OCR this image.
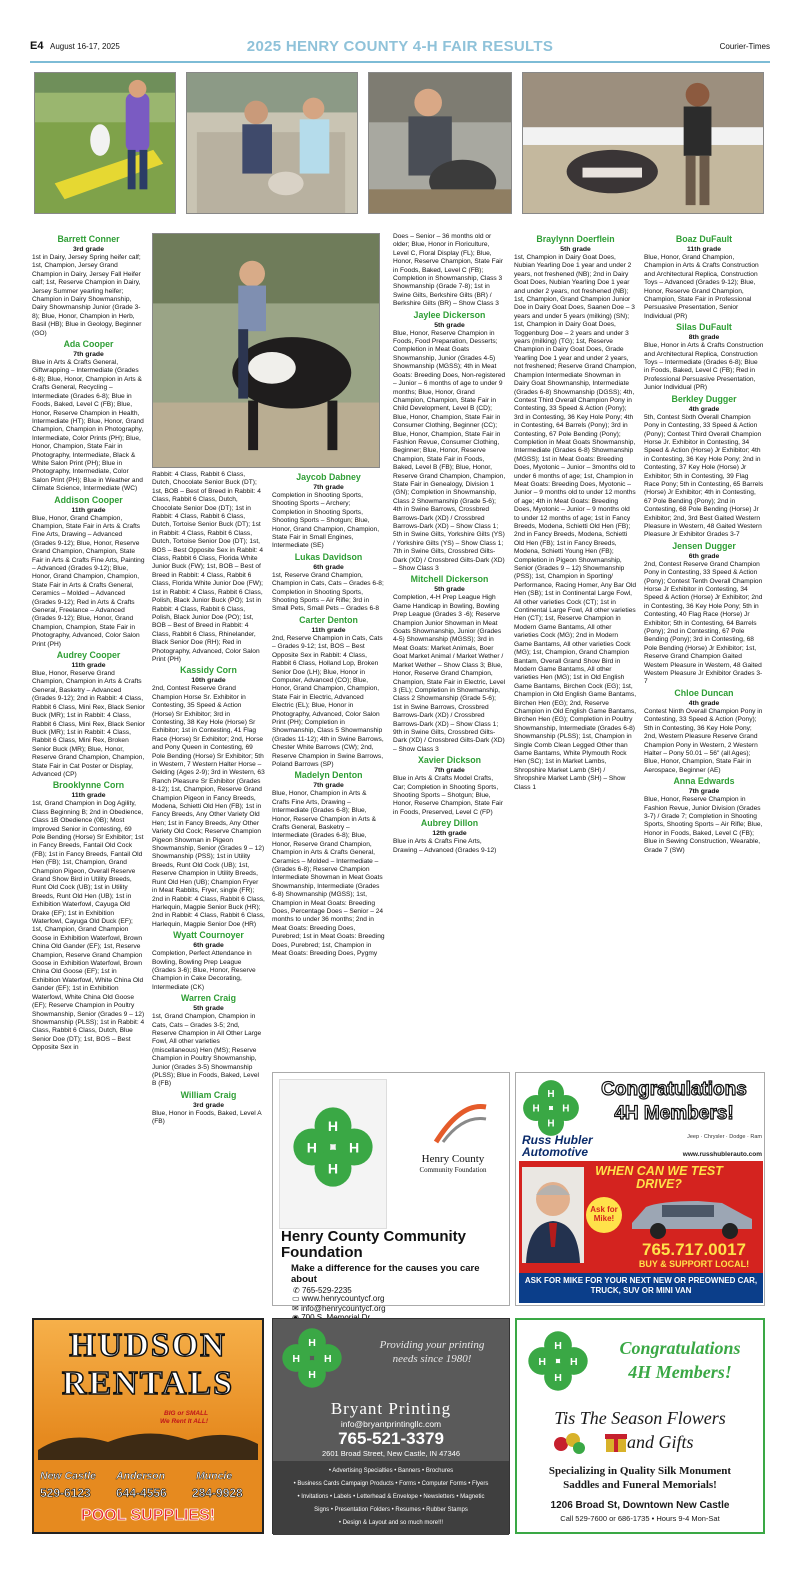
E4 August 16-17, 2025	2025 HENRY COUNTY 4-H FAIR RESULTS	Courier-Times
Barrett Conner
3rd grade

1st in Dairy, Jersey Spring heifer calf; 1st, Champion, Jersey Grand Champion in Dairy, Jersey Fall Heifer calf; 1st, Reserve Champion in Dairy, Jersey Summer yearling heifer; Champion in Dairy Showmanship, Dairy Showmanship Junior (Grade 3-8); Blue, Honor, Champion in Herb, Basil (HB); Blue in Geology, Beginner (GO)

Ada Cooper
7th grade

Blue in Arts & Crafts General, Giftwrapping – Intermediate (Grades 6-8); Blue, Honor, Champion in Arts & Crafts General, Recycling – Intermediate (Grades 6-8); Blue in Foods, Baked, Level C (FB); Blue, Honor, Reserve Champion in Health, Intermediate (HT); Blue, Honor, Grand Champion, Champion in Photography, Intermediate, Color Prints (PH); Blue, Honor, Champion, State Fair in Photography, Intermediate, Black & White Salon Print (PH); Blue in Photography, Intermediate, Color Salon Print (PH); Blue in Weather and Climate Science, Intermediate (WC)

Addison Cooper
11th grade

Blue, Honor, Grand Champion, Champion, State Fair in Arts & Crafts Fine Arts, Drawing – Advanced (Grades 9-12); Blue, Honor, Reserve Grand Champion, Champion, State Fair in Arts & Crafts Fine Arts, Painting – Advanced (Grades 9-12); Blue, Honor, Grand Champion, Champion, State Fair in Arts & Crafts General, Ceramics – Molded – Advanced (Grades 9-12); Red in Arts & Crafts General, Freelance – Advanced (Grades 9-12); Blue, Honor, Grand Champion, Champion, State Fair in Photography, Advanced, Color Salon Print (PH)

Audrey Cooper
11th grade

Blue, Honor, Reserve Grand Champion, Champion in Arts & Crafts General, Basketry – Advanced (Grades 9-12); 2nd in Rabbit: 4 Class, Rabbit 6 Class, Mini Rex, Black Senior Buck (MR); 1st in Rabbit: 4 Class, Rabbit 6 Class, Mini Rex, Black Senior Buck (MR); 1st in Rabbit: 4 Class, Rabbit 6 Class, Mini Rex, Broken Senior Buck (MR); Blue, Honor, Reserve Grand Champion, Champion, State Fair in Cat Poster or Display, Advanced (CP)

Brooklynne Corn
11th grade

1st, Grand Champion in Dog Agility, Class Beginning B; 2nd in Obedience, Class 1B Obedience (0B); Most Improved Senior in Contesting, 69 Pole Bending (Horse) Sr Exhibitor; 1st in Fancy Breeds, Fantail Old Cock (FB); 1st in Fancy Breeds, Fantail Old Hen (FB); 1st, Champion, Grand Champion Pigeon, Overall Reserve Grand Show Bird in Utility Breeds, Runt Old Cock (UB); 1st in Utility Breeds, Runt Old Hen (UB); 1st in Exhibition Waterfowl, Cayuga Old Drake (EF); 1st in Exhibition Waterfowl, Cayuga Old Duck (EF); 1st, Champion, Grand Champion Goose in Exhibition Waterfowl, Brown China Old Gander (EF); 1st, Reserve Champion, Reserve Grand Champion Goose in Exhibition Waterfowl, Brown China Old Goose (EF); 1st in Exhibition Waterfowl, White China Old Gander (EF); 1st in Exhibition Waterfowl, White China Old Goose (EF); Reserve Champion in Poultry Showmanship, Senior (Grades 9 – 12) Showmanship (PLSS); 1st in Rabbit: 4 Class, Rabbit 6 Class, Dutch, Blue Senior Doe (DT); 1st, BOS – Best Opposite Sex in

Rabbit: 4 Class, Rabbit 6 Class, Dutch, Chocolate Senior Buck (DT); 1st, BOB – Best of Breed in Rabbit: 4 Class, Rabbit 6 Class, Dutch, Chocolate Senior Doe (DT); 1st in Rabbit: 4 Class, Rabbit 6 Class, Dutch, Tortoise Senior Buck (DT); 1st in Rabbit: 4 Class, Rabbit 6 Class, Dutch, Tortoise Senior Doe (DT); 1st, BOS – Best Opposite Sex in Rabbit: 4 Class, Rabbit 6 Class, Florida White Junior Buck (FW); 1st, BOB – Best of Breed in Rabbit: 4 Class, Rabbit 6 Class, Florida White Junior Doe (FW); 1st in Rabbit: 4 Class, Rabbit 6 Class, Polish, Black Junior Buck (PO); 1st in Rabbit: 4 Class, Rabbit 6 Class, Polish, Black Junior Doe (PO); 1st, BOB – Best of Breed in Rabbit: 4 Class, Rabbit 6 Class, Rhinelander, Black Senior Doe (RH); Red in Photography, Advanced, Color Salon Print (PH)

Kassidy Corn
10th grade

2nd, Contest Reserve Grand Champion Horse Sr. Exhibitor in Contesting, 35 Speed & Action (Horse) Sr Exhibitor; 3rd in Contesting, 38 Key Hole (Horse) Sr Exhibitor; 1st in Contesting, 41 Flag Race (Horse) Sr Exhibitor; 2nd, Horse and Pony Queen in Contesting, 69 Pole Bending (Horse) Sr Exhibitor; 5th in Western, 7 Western Halter Horse – Gelding (Ages 2-9); 3rd in Western, 63 Ranch Pleasure Sr Exhibitor (Grades 8-12); 1st, Champion, Reserve Grand Champion Pigeon in Fancy Breeds, Modena, Schietti Old Hen (FB); 1st in Fancy Breeds, Any Other Variety Old Hen; 1st in Fancy Breeds, Any Other Variety Old Cock; Reserve Champion Pigeon Showman in Pigeon Showmanship, Senior (Grades 9 – 12) Showmanship (PSS); 1st in Utility Breeds, Runt Old Cock (UB); 1st, Reserve Champion in Utility Breeds, Runt Old Hen (UB); Champion Fryer in Meat Rabbits, Fryer, single (FR); 2nd in Rabbit: 4 Class, Rabbit 6 Class, Harlequin, Magpie Senior Buck (HR); 2nd in Rabbit: 4 Class, Rabbit 6 Class, Harlequin, Magpie Senior Doe (HR)

Wyatt Cournoyer
6th grade

Completion, Perfect Attendance in Bowling, Bowling Prep League (Grades 3-6); Blue, Honor, Reserve Champion in Cake Decorating, Intermediate (CK)

Warren Craig
5th grade

1st, Grand Champion, Champion in Cats, Cats – Grades 3-5; 2nd, Reserve Champion in All Other Large Fowl, All other varieties (miscellaneous) Hen (MS); Reserve Champion in Poultry Showmanship, Junior (Grades 3-5) Showmanship (PLSS); Blue in Foods, Baked, Level B (FB)

William Craig
3rd grade

Blue, Honor in Foods, Baked, Level A (FB)

Jaycob Dabney
7th grade

Completion in Shooting Sports, Shooting Sports – Archery; Completion in Shooting Sports, Shooting Sports – Shotgun; Blue, Honor, Grand Champion, Champion, State Fair in Small Engines, Intermediate (SE)

Lukas Davidson
6th grade

1st, Reserve Grand Champion, Champion in Cats, Cats – Grades 6-8; Completion in Shooting Sports, Shooting Sports – Air Rifle; 3rd in Small Pets, Small Pets – Grades 6-8

Carter Denton
11th grade

2nd, Reserve Champion in Cats, Cats – Grades 9-12; 1st, BOS – Best Opposite Sex in Rabbit: 4 Class, Rabbit 6 Class, Holland Lop, Broken Senior Doe (LH); Blue, Honor in Computer, Advanced (CO); Blue, Honor, Grand Champion, Champion, State Fair in Electric, Advanced Electric (EL); Blue, Honor in Photography, Advanced, Color Salon Print (PH); Completion in Showmanship, Class 5 Showmanship (Grades 11-12); 4th in Swine Barrows, Chester White Barrows (CW); 2nd, Reserve Champion in Swine Barrows, Poland Barrows (SP)

Madelyn Denton
7th grade

Blue, Honor, Champion in Arts & Crafts Fine Arts, Drawing – Intermediate (Grades 6-8); Blue, Honor, Reserve Champion in Arts & Crafts General, Basketry – Intermediate (Grades 6-8); Blue, Honor, Reserve Grand Champion, Champion in Arts & Crafts General, Ceramics – Molded – Intermediate – (Grades 6-8); Reserve Champion Intermediate Showman in Meat Goats Showmanship, Intermediate (Grades 6-8) Showmanship (MGSS); 1st, Champion in Meat Goats: Breeding Does, Percentage Does – Senior – 24 months to under 36 months; 2nd in Meat Goats: Breeding Does, Purebred; 1st in Meat Goats: Breeding Does, Purebred; 1st, Champion in Meat Goats: Breeding Does, Pygmy

Does – Senior – 36 months old or older; Blue, Honor in Floriculture, Level C, Floral Display (FL); Blue, Honor, Reserve Champion, State Fair in Foods, Baked, Level C (FB); Completion in Showmanship, Class 3 Showmanship (Grade 7-8); 1st in Swine Gilts, Berkshire Gilts (BR) / Berkshire Gilts (BR) – Show Class 3

Jaylee Dickerson
5th grade

Blue, Honor, Reserve Champion in Foods, Food Preparation, Desserts; Completion in Meat Goats Showmanship, Junior (Grades 4-5) Showmanship (MGSS); 4th in Meat Goats: Breeding Does, Non-registered – Junior – 6 months of age to under 9 months; Blue, Honor, Grand Champion, Champion, State Fair in Child Development, Level B (CD); Blue, Honor, Champion, State Fair in Consumer Clothing, Beginner (CC); Blue, Honor, Champion, State Fair in Fashion Revue, Consumer Clothing, Beginner; Blue, Honor, Reserve Champion, State Fair in Foods, Baked, Level B (FB); Blue, Honor, Reserve Grand Champion, Champion, State Fair in Genealogy, Division 1 (GN); Completion in Showmanship, Class 2 Showmanship (Grade 5-6); 4th in Swine Barrows, Crossbred Barrows-Dark (XD) / Crossbred Barrows-Dark (XD) – Show Class 1; 5th in Swine Gilts, Yorkshire Gilts (YS) / Yorkshire Gilts (YS) – Show Class 1; 7th in Swine Gilts, Crossbred Gilts-Dark (XD) / Crossbred Gilts-Dark (XD) – Show Class 3

Mitchell Dickerson
5th grade

Completion, 4-H Prep League High Game Handicap in Bowling, Bowling Prep League (Grades 3 -6); Reserve Champion Junior Showman in Meat Goats Showmanship, Junior (Grades 4-5) Showmanship (MGSS); 3rd in Meat Goats: Market Animals, Boer Goat Market Animal / Market Wether / Market Wether – Show Class 3; Blue, Honor, Reserve Grand Champion, Champion, State Fair in Electric, Level 3 (EL); Completion in Showmanship, Class 2 Showmanship (Grade 5-6); 1st in Swine Barrows, Crossbred Barrows-Dark (XD) / Crossbred Barrows-Dark (XD) – Show Class 1; 9th in Swine Gilts, Crossbred Gilts-Dark (XD) / Crossbred Gilts-Dark (XD) – Show Class 3

Xavier Dickson
7th grade

Blue in Arts & Crafts Model Crafts, Car; Completion in Shooting Sports, Shooting Sports – Shotgun; Blue, Honor, Reserve Champion, State Fair in Foods, Preserved, Level C (FP)

Aubrey Dillon
12th grade

Blue in Arts & Crafts Fine Arts, Drawing – Advanced (Grades 9-12)

Braylynn Doerflein
5th grade

1st, Champion in Dairy Goat Does, Nubian Yearling Doe 1 year and under 2 years, not freshened (NB); 2nd in Dairy Goat Does, Nubian Yearling Doe 1 year and under 2 years, not freshened (NB); 1st, Champion, Grand Champion Junior Doe in Dairy Goat Does, Saanen Doe – 3 years and under 5 years (milking) (SN); 1st, Champion in Dairy Goat Does, Toggenburg Doe – 2 years and under 3 years (milking) (TG); 1st, Reserve Champion in Dairy Goat Does, Grade Yearling Doe 1 year and under 2 years, not freshened; Reserve Grand Champion, Champion Intermediate Showman in Dairy Goat Showmanship, Intermediate (Grades 6-8) Showmanship (DGSS); 4th, Contest Third Overall Champion Pony in Contesting, 33 Speed & Action (Pony); 3rd in Contesting, 36 Key Hole Pony; 4th in Contesting, 64 Barrels (Pony); 3rd in Contesting, 67 Pole Bending (Pony); Completion in Meat Goats Showmanship, Intermediate (Grades 6-8) Showmanship (MGSS); 1st in Meat Goats: Breeding Does, Myotonic – Junior – 3months old to under 6 months of age; 1st, Champion in Meat Goats: Breeding Does, Myotonic – Junior – 9 months old to under 12 months of age; 4th in Meat Goats: Breeding Does, Myotonic – Junior – 9 months old to under 12 months of age; 1st in Fancy Breeds, Modena, Schietti Old Hen (FB); 2nd in Fancy Breeds, Modena, Schietti Old Hen (FB); 1st in Fancy Breeds, Modena, Schietti Young Hen (FB); Completion in Pigeon Showmanship, Senior (Grades 9 – 12) Showmanship (PSS); 1st, Champion in Sporting/ Performance, Racing Homer, Any Bar Old Hen (SB); 1st in Continental Large Fowl, All other varieties Cock (CT); 1st in Continental Large Fowl, All other varieties Hen (CT); 1st, Reserve Champion in Modern Game Bantams, All other varieties Cock (MG); 2nd in Modern Game Bantams, All other varieties Cock (MG); 1st, Champion, Grand Champion Bantam, Overall Grand Show Bird in Modern Game Bantams, All other varieties Hen (MG); 1st in Old English Game Bantams, Birchen Cock (EG); 1st, Champion in Old English Game Bantams, Birchen Hen (EG); 2nd, Reserve Champion in Old English Game Bantams, Birchen Hen (EG); Completion in Poultry Showmanship, Intermediate (Grades 6-8) Showmanship (PLSS); 1st, Champion in Single Comb Clean Legged Other than Game Bantams, White Plymouth Rock Hen (SC); 1st in Market Lambs, Shropshire Market Lamb (SH) / Shropshire Market Lamb (SH) – Show Class 1

Boaz DuFault
11th grade

Blue, Honor, Grand Champion, Champion in Arts & Crafts Construction and Architectural Replica, Construction Toys – Advanced (Grades 9-12); Blue, Honor, Reserve Grand Champion, Champion, State Fair in Professional Persuasive Presentation, Senior Individual (PR)

Silas DuFault
8th grade

Blue, Honor in Arts & Crafts Construction and Architectural Replica, Construction Toys – Intermediate (Grades 6-8); Blue in Foods, Baked, Level C (FB); Red in Professional Persuasive Presentation, Junior Individual (PR)

Berkley Dugger
4th grade

5th, Contest Sixth Overall Champion Pony in Contesting, 33 Speed & Action (Pony); Contest Third Overall Champion Horse Jr. Exhibitor in Contesting, 34 Speed & Action (Horse) Jr Exhibitor; 4th in Contesting, 36 Key Hole Pony; 2nd in Contesting, 37 Key Hole (Horse) Jr Exhibitor; 5th in Contesting, 39 Flag Race Pony; 5th in Contesting, 65 Barrels (Horse) Jr Exhibitor; 4th in Contesting, 67 Pole Bending (Pony); 2nd in Contesting, 68 Pole Bending (Horse) Jr Exhibitor; 2nd, 3rd Best Gaited Western Pleasure in Western, 48 Gaited Western Pleasure Jr Exhibitor Grades 3-7

Jensen Dugger
6th grade

2nd, Contest Reserve Grand Champion Pony in Contesting, 33 Speed & Action (Pony); Contest Tenth Overall Champion Horse Jr Exhibitor in Contesting, 34 Speed & Action (Horse) Jr Exhibitor; 2nd in Contesting, 36 Key Hole Pony; 5th in Contesting, 40 Flag Race (Horse) Jr Exhibitor; 5th in Contesting, 64 Barrels (Pony); 2nd in Contesting, 67 Pole Bending (Pony); 3rd in Contesting, 68 Pole Bending (Horse) Jr Exhibitor; 1st, Reserve Grand Champion Gaited Western Pleasure in Western, 48 Gaited Western Pleasure Jr Exhibitor Grades 3-7

Chloe Duncan
4th grade

Contest Ninth Overall Champion Pony in Contesting, 33 Speed & Action (Pony); 5th in Contesting, 36 Key Hole Pony; 2nd, Western Pleasure Reserve Grand Champion Pony in Western, 2 Western Halter – Pony 50.01 – 56" (all Ages); Blue, Honor, Champion, State Fair in Aerospace, Beginner (AE)

Anna Edwards
7th grade

Blue, Honor, Reserve Champion in Fashion Revue, Junior Division (Grades 3-7) / Grade 7; Completion in Shooting Sports, Shooting Sports – Air Rifle; Blue, Honor in Foods, Baked, Level C (FB); Blue in Sewing Construction, Wearable, Grade 7 (SW)

H
H H
H
Henry County
Community Foundation
Henry County Community Foundation
Make a difference for the causes you care about
✆ 765-529-2235
▭ www.henrycountycf.org
✉ info@henrycountycf.org

H
H H
H
Congratulations
4H Members!
Russ Hubler
Automotive
Jeep · Chrysler · Dodge · Ram
www.russhublerauto.com
WHEN CAN WE TEST DRIVE?
Ask for Mike!
765.717.0017
BUY & SUPPORT LOCAL!
ASK FOR MIKE FOR YOUR NEXT NEW OR PREOWNED CAR, TRUCK, SUV OR MINI VAN
HUDSON
RENTALS
BIG or SMALL
We Rent It ALL!
New Castle Anderson	Muncie
529-6123 644-4556 284-9928
POOL SUPPLIES!
H
H H
H
Providing your printing
needs since 1980!
Bryant Printing
info@bryantprintingllc.com
765-521-3379
2601 Broad Street, New Castle, IN 47346
• Advertising Specialties • Banners • Brochures
• Business Cards Campaign Products • Forms • Computer Forms • Flyers
• Invitations • Labels • Letterhead & Envelope • Newsletters • Magnetic
Signs • Presentation Folders • Resumes • Rubber Stamps
• Design & Layout and so much more!!!
H
H H
H
Congratulations
4H Members!
Tis The Season Flowers
and Gifts
Specializing in Quality Silk Monument
Saddles and Funeral Memorials!
1206 Broad St, Downtown New Castle
Call 529-7600 or 686-1735 • Hours 9-4 Mon-Sat
